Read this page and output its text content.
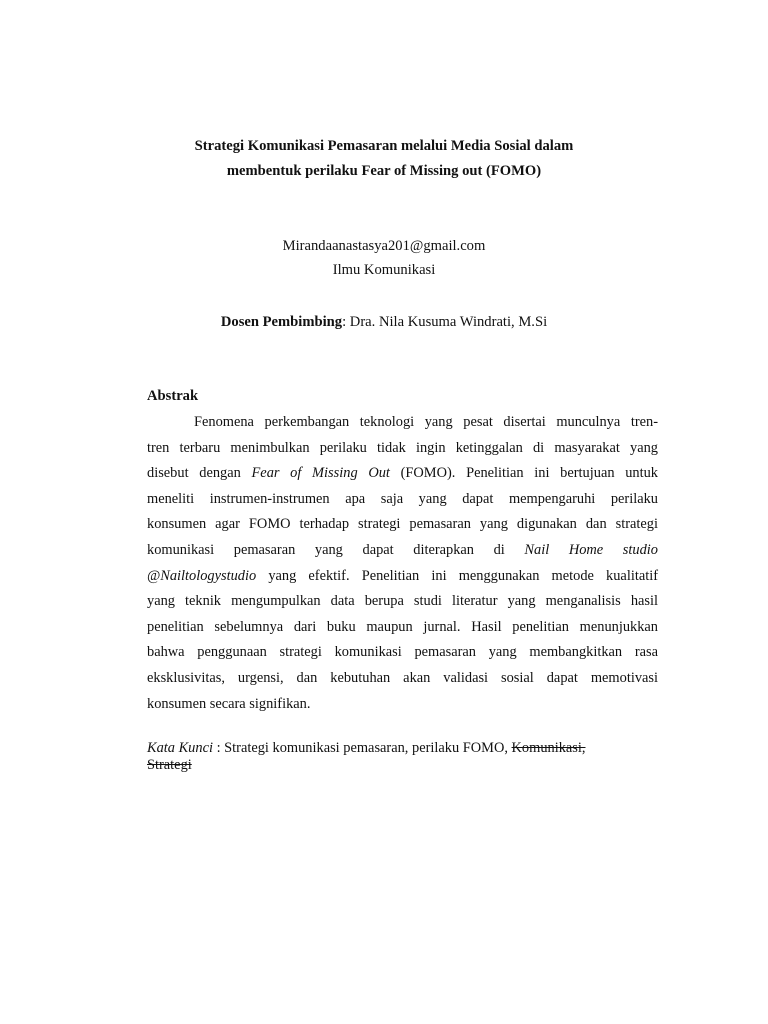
Strategi Komunikasi Pemasaran melalui Media Sosial dalam
membentuk perilaku Fear of Missing out (FOMO)
Mirandaanastasya201@gmail.com
Ilmu Komunikasi
Dosen Pembimbing: Dra. Nila Kusuma Windrati, M.Si
Abstrak
Fenomena perkembangan teknologi yang pesat disertai munculnya tren-
tren terbaru menimbulkan perilaku tidak ingin ketinggalan di masyarakat yang
disebut dengan Fear of Missing Out (FOMO). Penelitian ini bertujuan untuk
meneliti instrumen-instrumen apa saja yang dapat mempengaruhi perilaku
konsumen agar FOMO terhadap strategi pemasaran yang digunakan dan strategi
komunikasi pemasaran yang dapat diterapkan di Nail Home studio
@Nailtologystudio yang efektif. Penelitian ini menggunakan metode kualitatif
yang teknik mengumpulkan data berupa studi literatur yang menganalisis hasil
penelitian sebelumnya dari buku maupun jurnal. Hasil penelitian menunjukkan
bahwa penggunaan strategi komunikasi pemasaran yang membangkitkan rasa
eksklusivitas, urgensi, dan kebutuhan akan validasi sosial dapat memotivasi
konsumen secara signifikan.
Kata Kunci : Strategi komunikasi pemasaran, perilaku FOMO, Komunikasi,
Strategi
